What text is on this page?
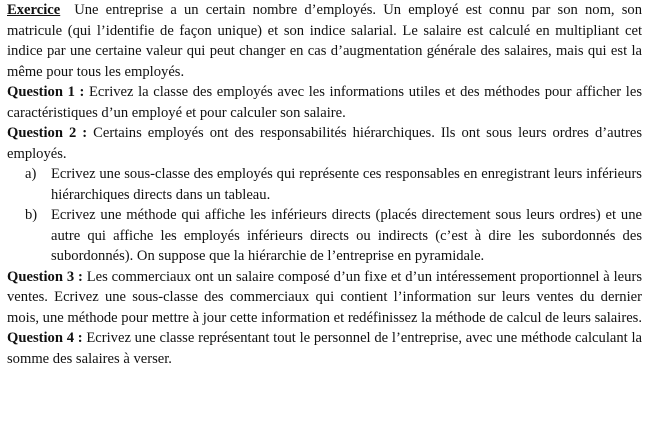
Exercice Une entreprise a un certain nombre d’employés. Un employé est connu par son nom, son matricule (qui l’identifie de façon unique) et son indice salarial. Le salaire est calculé en multipliant cet indice par une certaine valeur qui peut changer en cas d’augmentation générale des salaires, mais qui est la même pour tous les employés.

Question 1 : Ecrivez la classe des employés avec les informations utiles et des méthodes pour afficher les caractéristiques d’un employé et pour calculer son salaire.

Question 2 : Certains employés ont des responsabilités hiérarchiques. Ils ont sous leurs ordres d’autres employés.

a)	Ecrivez une sous-classe des employés qui représente ces responsables en enregistrant leurs inférieurs hiérarchiques directs dans un tableau.
b) Ecrivez une méthode qui affiche les inférieurs directs (placés directement sous leurs ordres) et une autre qui affiche les employés inférieurs directs ou indirects (c’est à dire les subordonnés des subordonnés). On suppose que la hiérarchie de l’entreprise en pyramidale.

Question 3 : Les commerciaux ont un salaire composé d’un fixe et d’un intéressement proportionnel à leurs ventes. Ecrivez une sous-classe des commerciaux qui contient l’information sur leurs ventes du dernier mois, une méthode pour mettre à jour cette information et redéfinissez la méthode de calcul de leurs salaires.

Question 4 : Ecrivez une classe représentant tout le personnel de l’entreprise, avec une méthode calculant la somme des salaires à verser.
